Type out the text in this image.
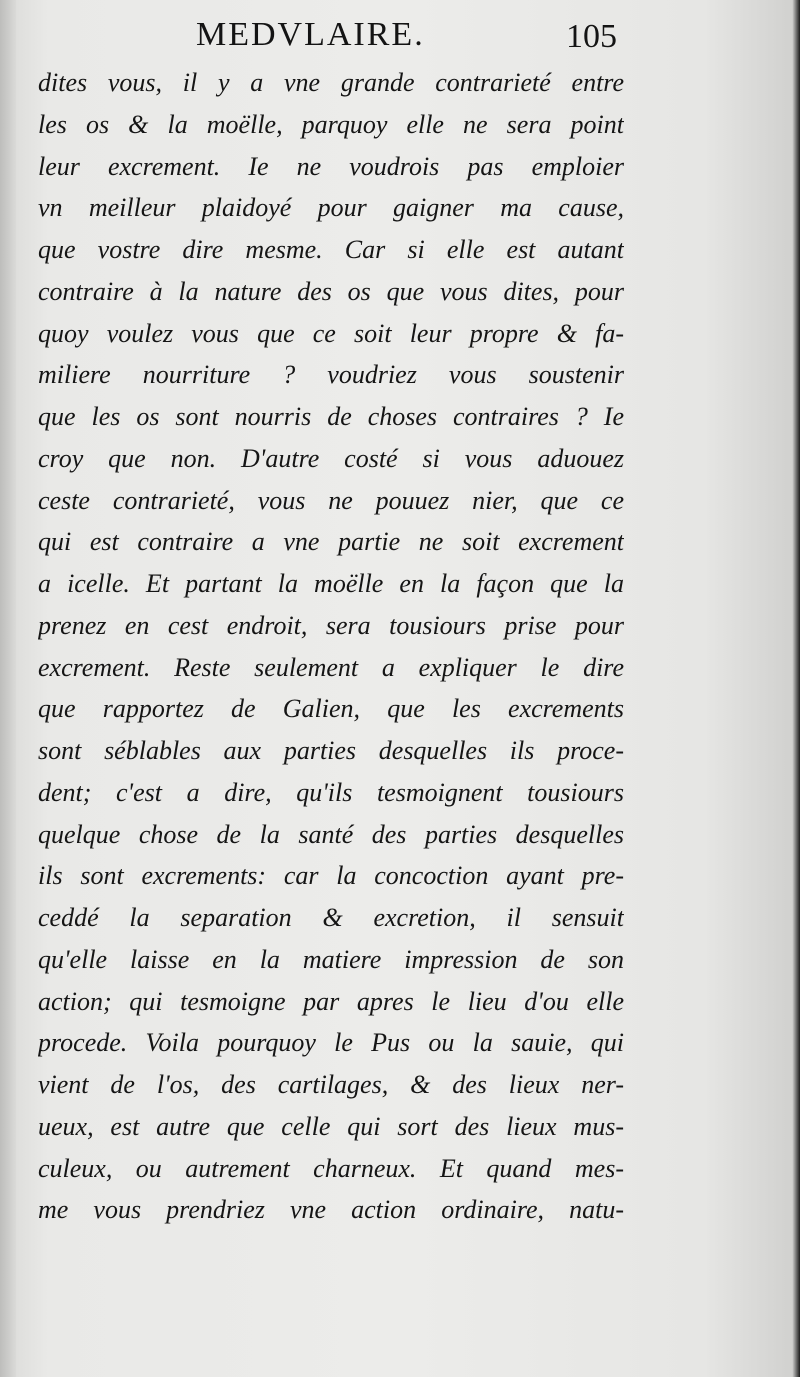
MEDVLAIRE.	105
dites vous, il y a vne grande contrarieté entre
les os & la moëlle, parquoy elle ne sera point
leur excrement. Ie ne voudrois pas emploier
vn meilleur plaidoyé pour gaigner ma cause,
que vostre dire mesme. Car si elle est autant
contraire à la nature des os que vous dites, pour
quoy voulez vous que ce soit leur propre & fa-
miliere nourriture ? voudriez vous soustenir
que les os sont nourris de choses contraires ? Ie
croy que non. D'autre costé si vous aduouez
ceste contrarieté, vous ne pouuez nier, que ce
qui est contraire a vne partie ne soit excrement
a icelle. Et partant la moëlle en la façon que la
prenez en cest endroit, sera tousiours prise pour
excrement. Reste seulement a expliquer le dire
que rapportez de Galien, que les excrements
sont séblables aux parties desquelles ils proce-
dent; c'est a dire, qu'ils tesmoignent tousiours
quelque chose de la santé des parties desquelles
ils sont excrements: car la concoction ayant pre-
ceddé la separation & excretion, il sensuit
qu'elle laisse en la matiere impression de son
action; qui tesmoigne par apres le lieu d'ou elle
procede. Voila pourquoy le Pus ou la sauie, qui
vient de l'os, des cartilages, & des lieux ner-
ueux, est autre que celle qui sort des lieux mus-
culeux, ou autrement charneux. Et quand mes-
me vous prendriez vne action ordinaire, natu-
